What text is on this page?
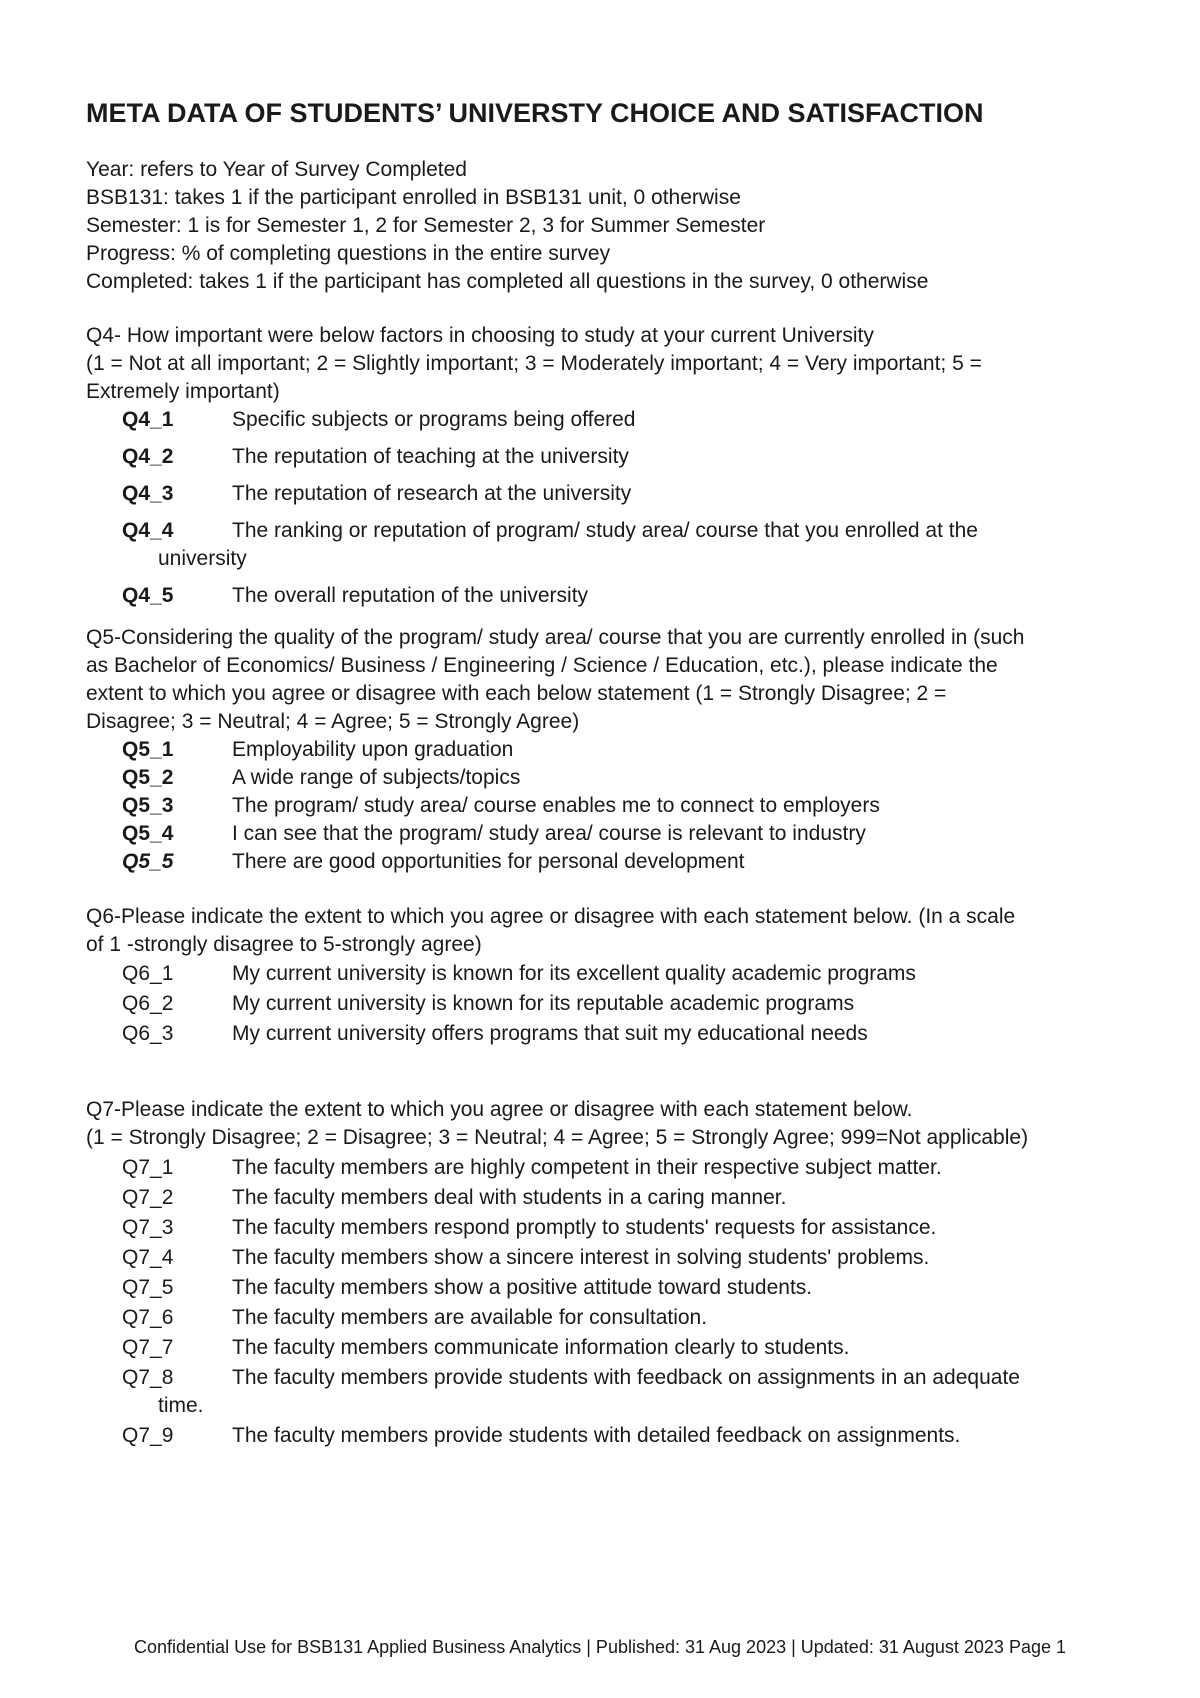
META DATA OF STUDENTS’ UNIVERSTY CHOICE AND SATISFACTION
Year: refers to Year of Survey Completed
BSB131: takes 1 if the participant enrolled in BSB131 unit, 0 otherwise
Semester: 1 is for Semester 1, 2 for Semester 2, 3 for Summer Semester
Progress: % of completing questions in the entire survey
Completed: takes 1 if the participant has completed all questions in the survey, 0 otherwise
Q4- How important were below factors in choosing to study at your current University
(1 = Not at all important; 2 = Slightly important; 3 = Moderately important; 4 = Very important; 5 =
Extremely important)
Q4_1	Specific subjects or programs being offered
Q4_2	The reputation of teaching at the university
Q4_3	The reputation of research at the university
Q4_4	The ranking or reputation of program/ study area/ course that you enrolled at the
university
Q4_5	The overall reputation of the university
Q5-Considering the quality of the program/ study area/ course that you are currently enrolled in (such
as Bachelor of Economics/ Business / Engineering / Science / Education, etc.), please indicate the
extent to which you agree or disagree with each below statement (1 = Strongly Disagree; 2 =
Disagree; 3 = Neutral; 4 = Agree; 5 = Strongly Agree)
Q5_1	Employability upon graduation
Q5_2	A wide range of subjects/topics
Q5_3	The program/ study area/ course enables me to connect to employers
Q5_4	I can see that the program/ study area/ course is relevant to industry
Q5_5	There are good opportunities for personal development
Q6-Please indicate the extent to which you agree or disagree with each statement below. (In a scale
of 1 -strongly disagree to 5-strongly agree)
Q6_1	My current university is known for its excellent quality academic programs
Q6_2	My current university is known for its reputable academic programs
Q6_3	My current university offers programs that suit my educational needs
Q7-Please indicate the extent to which you agree or disagree with each statement below.
(1 = Strongly Disagree; 2 = Disagree; 3 = Neutral; 4 = Agree; 5 = Strongly Agree; 999=Not applicable)
Q7_1	The faculty members are highly competent in their respective subject matter.
Q7_2	The faculty members deal with students in a caring manner.
Q7_3	The faculty members respond promptly to students' requests for assistance.
Q7_4	The faculty members show a sincere interest in solving students' problems.
Q7_5	The faculty members show a positive attitude toward students.
Q7_6	The faculty members are available for consultation.
Q7_7	The faculty members communicate information clearly to students.
Q7_8	The faculty members provide students with feedback on assignments in an adequate
time.
Q7_9	The faculty members provide students with detailed feedback on assignments.
Confidential Use for BSB131 Applied Business Analytics | Published: 31 Aug 2023 | Updated: 31 August 2023 Page 1
